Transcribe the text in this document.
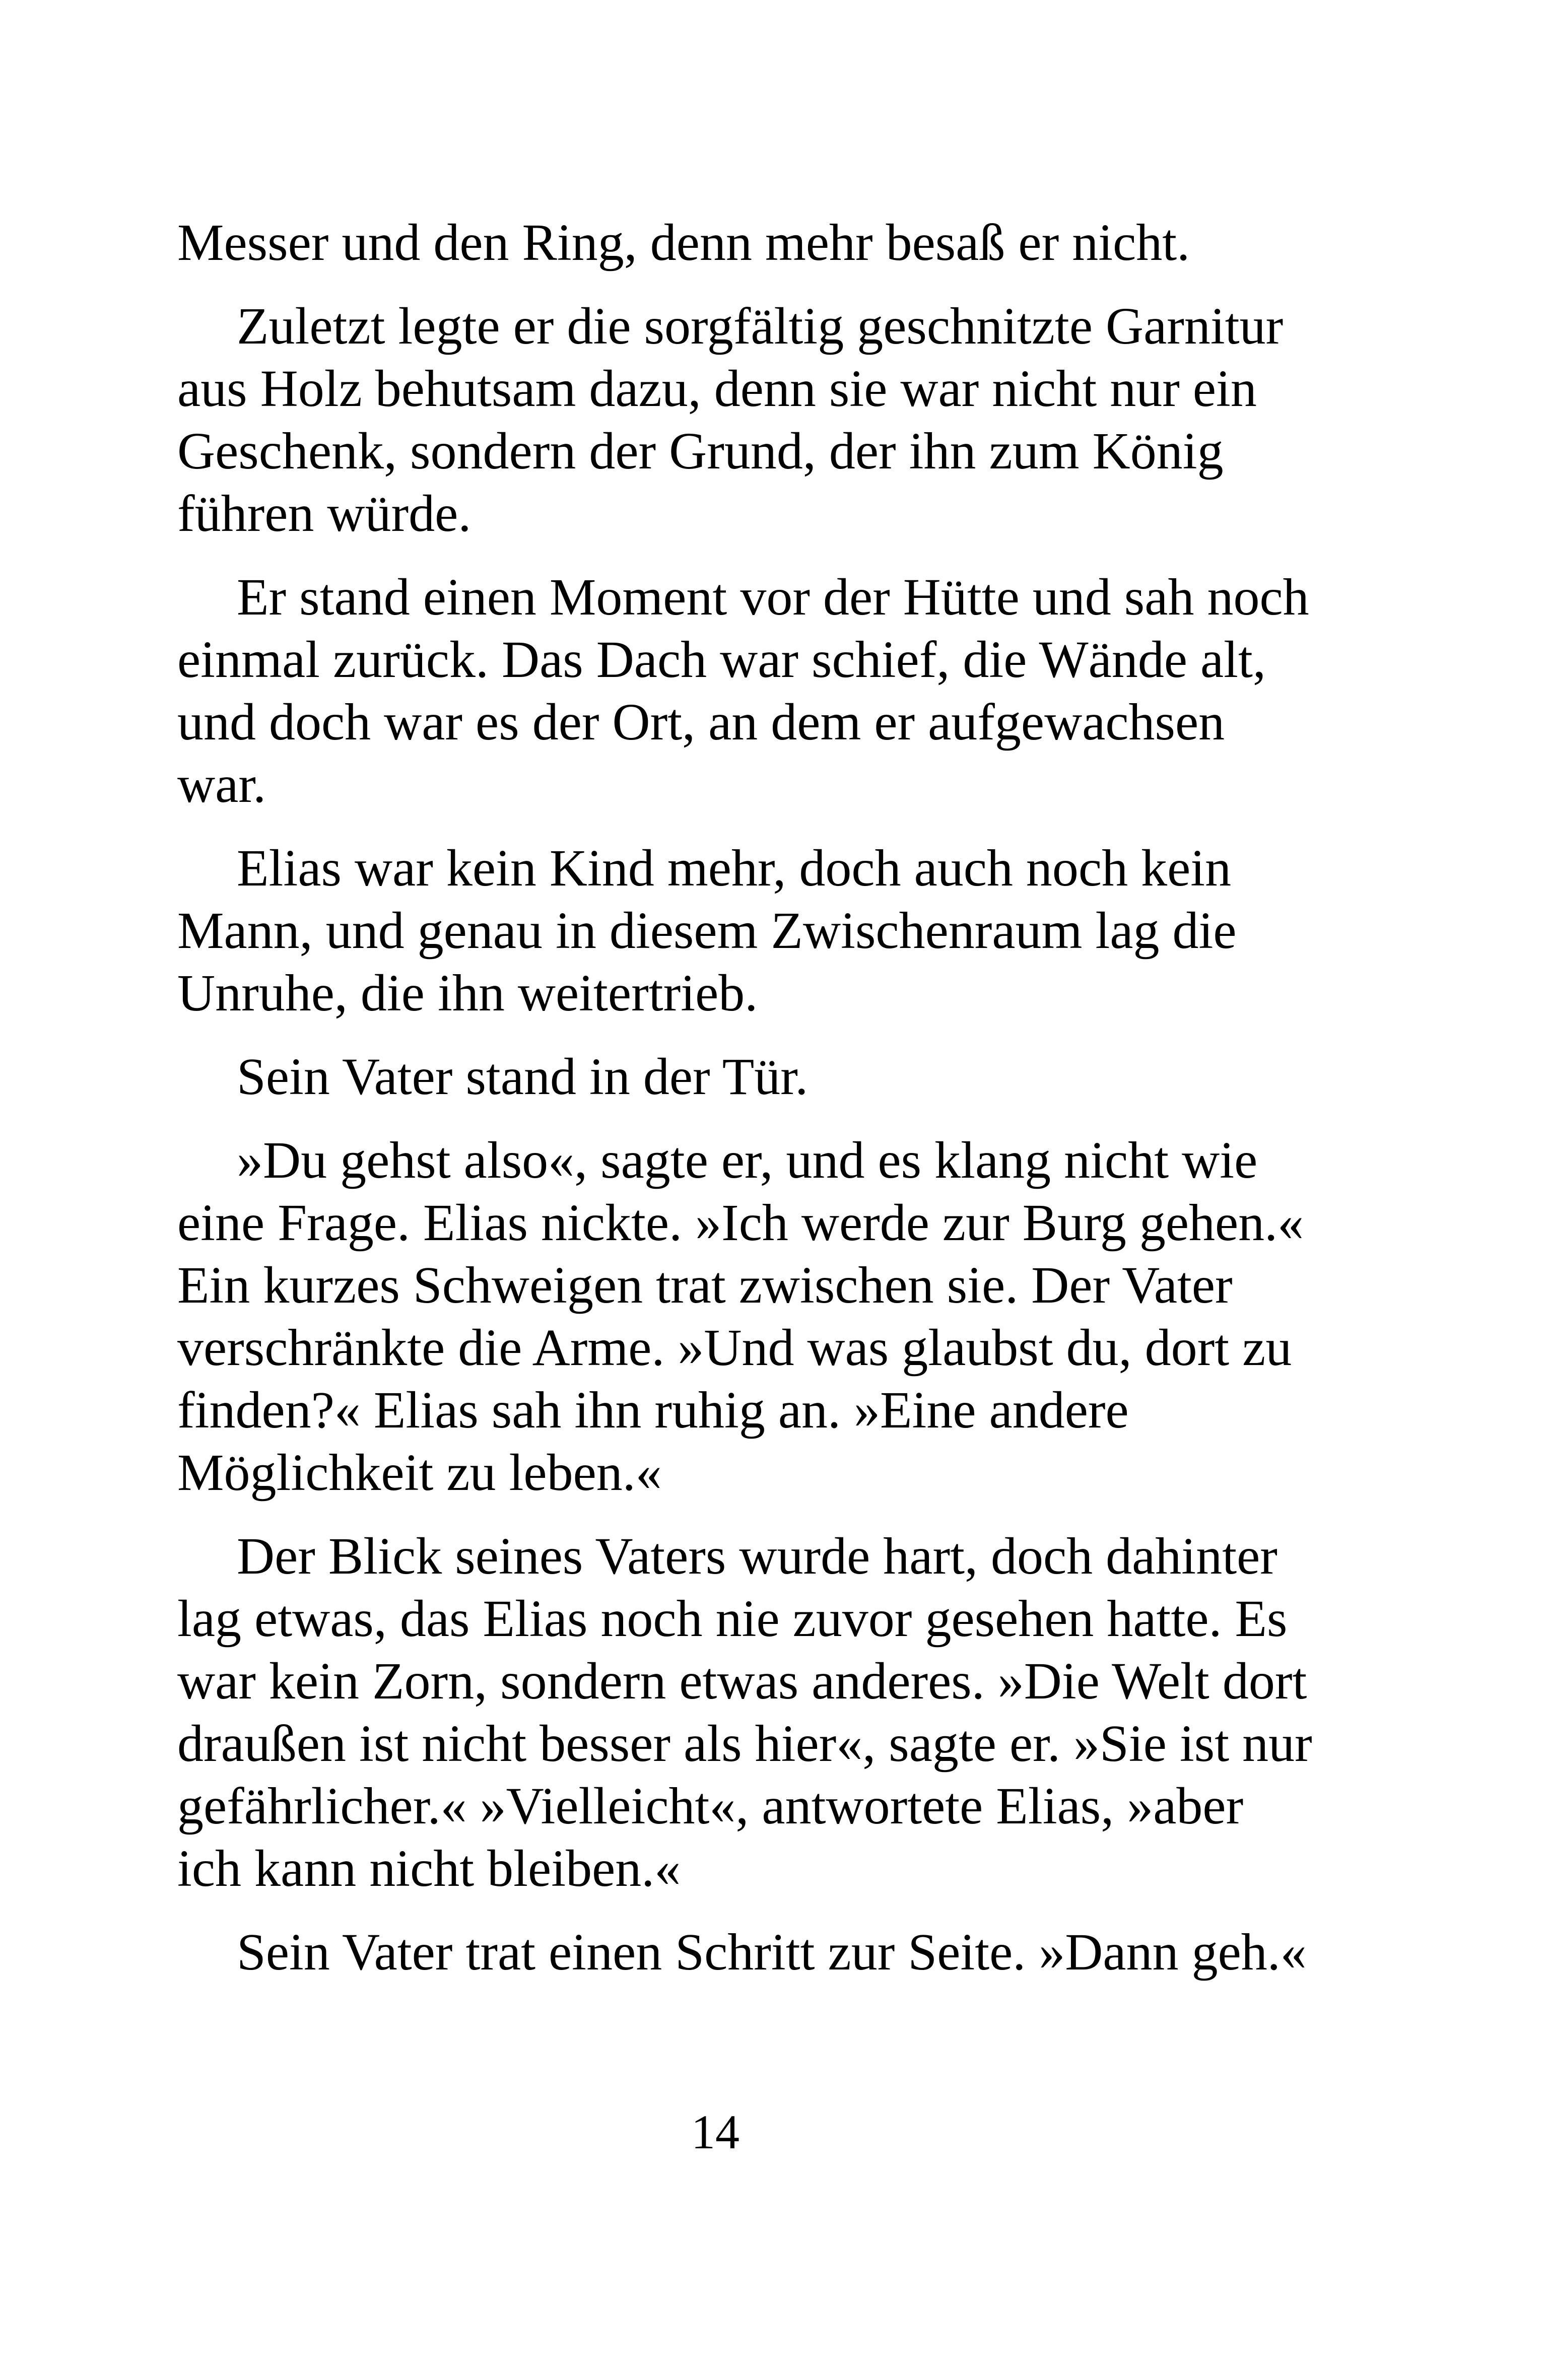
Messer und den Ring, denn mehr besaß er nicht.
Zuletzt legte er die sorgfältig geschnitzte Garnitur
aus Holz behutsam dazu, denn sie war nicht nur ein
Geschenk, sondern der Grund, der ihn zum König
führen würde.
Er stand einen Moment vor der Hütte und sah noch
einmal zurück. Das Dach war schief, die Wände alt,
und doch war es der Ort, an dem er aufgewachsen
war.
Elias war kein Kind mehr, doch auch noch kein
Mann, und genau in diesem Zwischenraum lag die
Unruhe, die ihn weitertrieb.
Sein Vater stand in der Tür.
»Du gehst also«, sagte er, und es klang nicht wie
eine Frage. Elias nickte. »Ich werde zur Burg gehen.«
Ein kurzes Schweigen trat zwischen sie. Der Vater
verschränkte die Arme. »Und was glaubst du, dort zu
finden?« Elias sah ihn ruhig an. »Eine andere
Möglichkeit zu leben.«
Der Blick seines Vaters wurde hart, doch dahinter
lag etwas, das Elias noch nie zuvor gesehen hatte. Es
war kein Zorn, sondern etwas anderes. »Die Welt dort
draußen ist nicht besser als hier«, sagte er. »Sie ist nur
gefährlicher.« »Vielleicht«, antwortete Elias, »aber
ich kann nicht bleiben.«
Sein Vater trat einen Schritt zur Seite. »Dann geh.«
14
